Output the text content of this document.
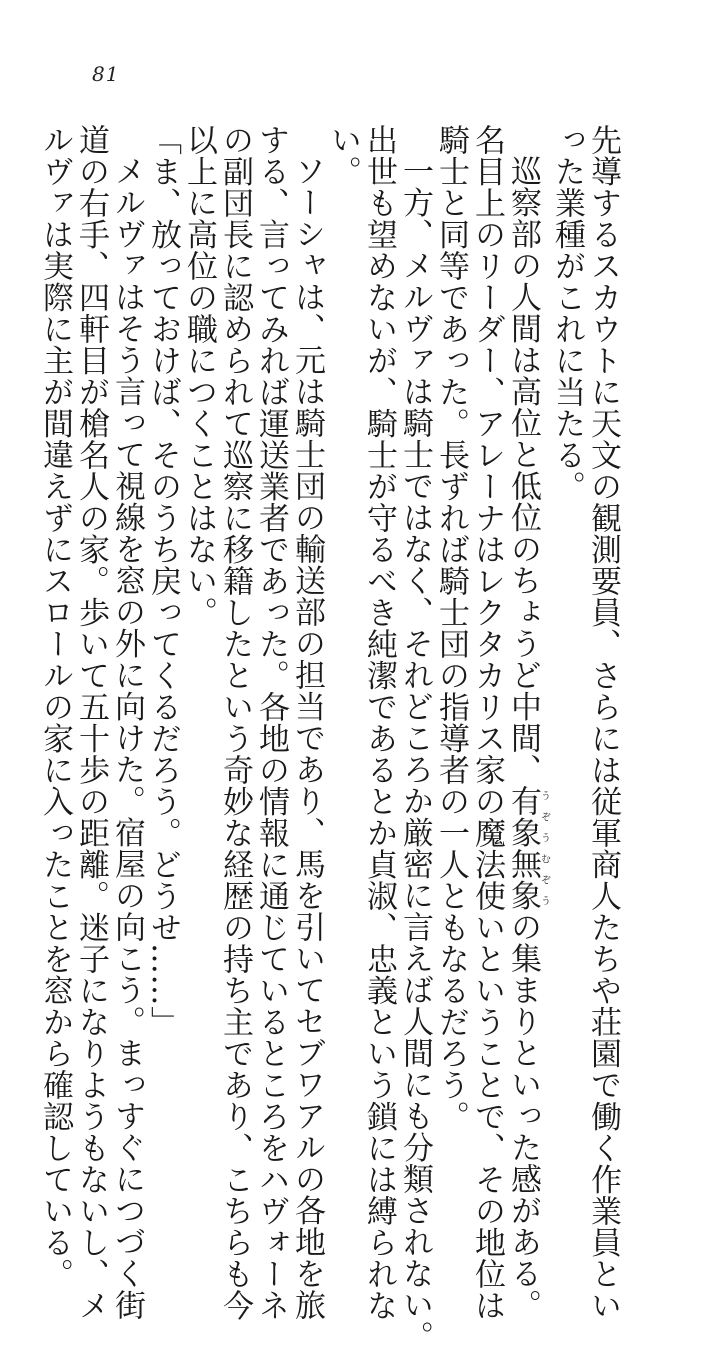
81
先導するスカウトに天文の観測要員、さらには従軍商人たちや荘園で働く作業員とい
った業種がこれに当たる。
巡察部の人間は高位と低位のちょうど中間、有象無象うぞうむぞうの集まりといった感がある。
名目上のリーダー、アレーナはレクタカリス家の魔法使いということで、その地位は
騎士と同等であった。長ずれば騎士団の指導者の一人ともなるだろう。
一方、メルヴァは騎士ではなく、それどころか厳密に言えば人間にも分類されない。
出世も望めないが、騎士が守るべき純潔であるとか貞淑、忠義という鎖には縛られな
い。
ソーシャは、元は騎士団の輸送部の担当であり、馬を引いてセブワアルの各地を旅
する、言ってみれば運送業者であった。各地の情報に通じているところをハヴォーネ
の副団長に認められて巡察に移籍したという奇妙な経歴の持ち主であり、こちらも今
以上に高位の職につくことはない。
「ま、放っておけば、そのうち戻ってくるだろう。どうせ……」
メルヴァはそう言って視線を窓の外に向けた。宿屋の向こう。まっすぐにつづく街
道の右手、四軒目が槍名人の家。歩いて五十歩の距離。迷子になりようもないし、メ
ルヴァは実際に主が間違えずにスロールの家に入ったことを窓から確認している。
